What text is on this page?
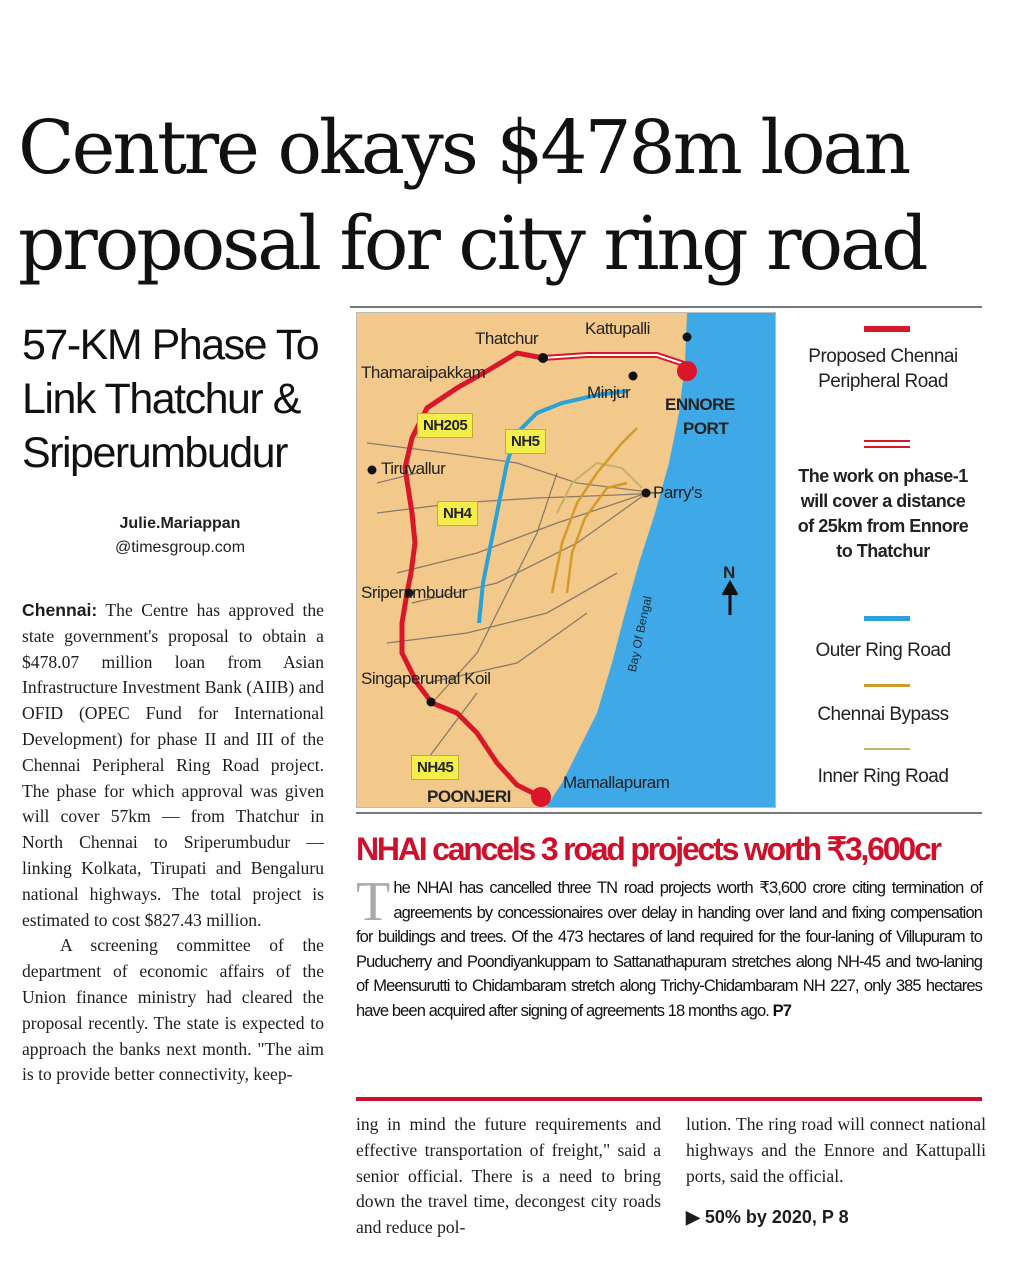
Centre okays $478m loan
proposal for city ring road
57-KM Phase To
Link Thatchur &
Sriperumbudur
Julie.Mariappan
@timesgroup.com

Chennai: The Centre has approved the state government's proposal to obtain a $478.07 million loan from Asian Infrastructure Investment Bank (AIIB) and OFID (OPEC Fund for International Development) for phase II and III of the Chennai Peripheral Ring Road project. The phase for which approval was given will cover 57km — from Thatchur in North Chennai to Sriperumbudur — linking Kolkata, Tirupati and Bengaluru national highways. The total project is estimated to cost $827.43 million.

A screening committee of the department of economic affairs of the Union finance ministry had cleared the proposal recently. The state is expected to approach the banks next month. "The aim is to provide better connectivity, keep-

ing in mind the future requirements and effective transportation of freight," said a senior official. There is a need to bring down the travel time, decongest city roads and reduce pol-

lution. The ring road will connect national highways and the Ennore and Kattupalli ports, said the official.

▶ 50% by 2020, P 8
Thatchur
Kattupalli
Thamaraipakkam
Minjur
ENNORE
PORT
Tiruvallur
Parry's
Sriperumbudur
Singaperumal Koil
POONJERI
Mamallapuram
NH205
NH5
NH4
NH45
Bay Of Bengal
N
Proposed Chennai Peripheral Road
The work on phase-1 will cover a distance of 25km from Ennore to Thatchur
Outer Ring Road
Chennai Bypass
Inner Ring Road
NHAI cancels 3 road projects worth ₹3,600cr
The NHAI has cancelled three TN road projects worth ₹3,600 crore citing termination of agreements by concessionaires over delay in handing over land and fixing compensation for buildings and trees. Of the 473 hectares of land required for the four-laning of Villupuram to Puducherry and Poondiyankuppam to Sattanathapuram stretches along NH-45 and two-laning of Meensurutti to Chidambaram stretch along Trichy-Chidambaram NH 227, only 385 hectares have been acquired after signing of agreements 18 months ago. P7
